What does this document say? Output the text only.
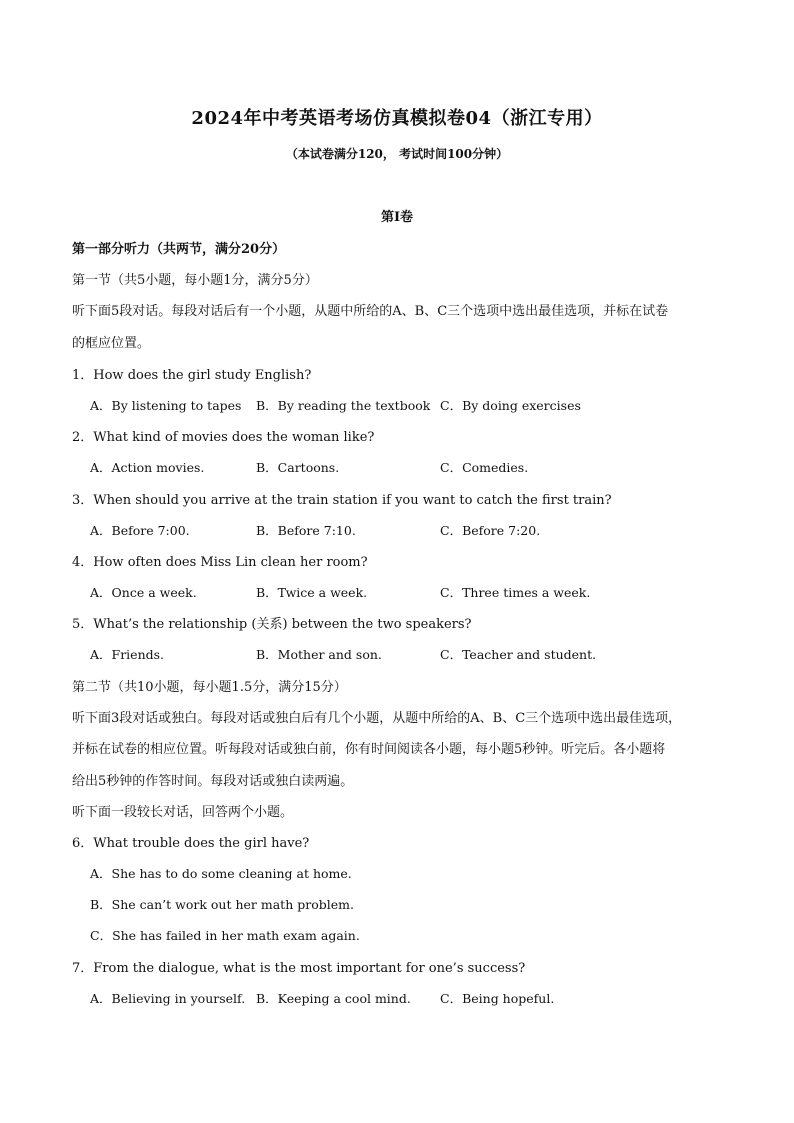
2024年中考英语考场仿真模拟卷04（浙江专用）
（本试卷满分120， 考试时间100分钟）
第I卷
第一部分听力（共两节，满分20分）
第一节（共5小题，每小题1分，满分5分）
听下面5段对话。每段对话后有一个小题，从题中所给的A、B、C三个选项中选出最佳选项，并标在试卷
的框应位置。
1．How does the girl study English?
A．By listening to tapes B．By reading the textbook C．By doing exercises
2．What kind of movies does the woman like?
A．Action movies.	B．Cartoons.	C．Comedies.
3．When should you arrive at the train station if you want to catch the first train?
A．Before 7:00.	B．Before 7:10.	C．Before 7:20.
4．How often does Miss Lin clean her room?
A．Once a week.	B．Twice a week.	C．Three times a week.
5．What’s the relationship (关系) between the two speakers?
A．Friends.	B．Mother and son.	C．Teacher and student.
第二节（共10小题，每小题1.5分，满分15分）
听下面3段对话或独白。每段对话或独白后有几个小题，从题中所给的A、B、C三个选项中选出最佳选项，
并标在试卷的相应位置。听每段对话或独白前，你有时间阅读各小题，每小题5秒钟。听完后。各小题将
给出5秒钟的作答时间。每段对话或独白读两遍。
听下面一段较长对话，回答两个小题。
6．What trouble does the girl have?
A．She has to do some cleaning at home.
B．She can’t work out her math problem.
C．She has failed in her math exam again.
7．From the dialogue, what is the most important for one’s success?
A．Believing in yourself. B．Keeping a cool mind. C．Being hopeful.
